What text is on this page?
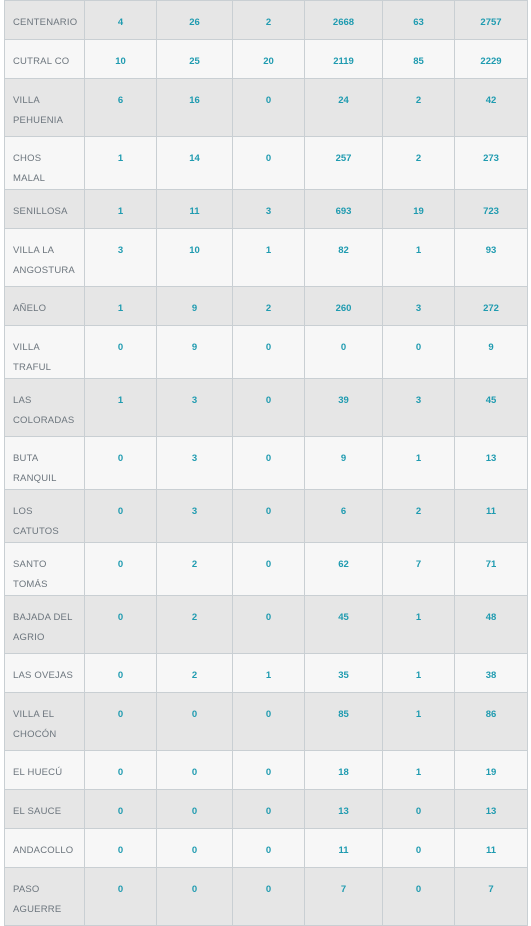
CENTENARIO	4	26	2	2668	63	2757

CUTRAL CO	10	25	20	2119	85	2229

VILLA PEHUENIA	6	16	0	24	2	42

CHOS MALAL	1	14	0	257	2	273

SENILLOSA	1	11	3	693	19	723

VILLA LA ANGOSTURA	3	10	1	82	1	93

AÑELO	1	9	2	260	3	272

VILLA TRAFUL	0	9	0	0	0	9

LAS COLORADAS	1	3	0	39	3	45

BUTA RANQUIL	0	3	0	9	1	13

LOS CATUTOS	0	3	0	6	2	11

SANTO TOMÁS	0	2	0	62	7	71

BAJADA DEL AGRIO	0	2	0	45	1	48

LAS OVEJAS	0	2	1	35	1	38

VILLA EL CHOCÓN	0	0	0	85	1	86

EL HUECÚ	0	0	0	18	1	19

EL SAUCE	0	0	0	13	0	13

ANDACOLLO	0	0	0	11	0	11

PASO AGUERRE	0	0	0	7	0	7
